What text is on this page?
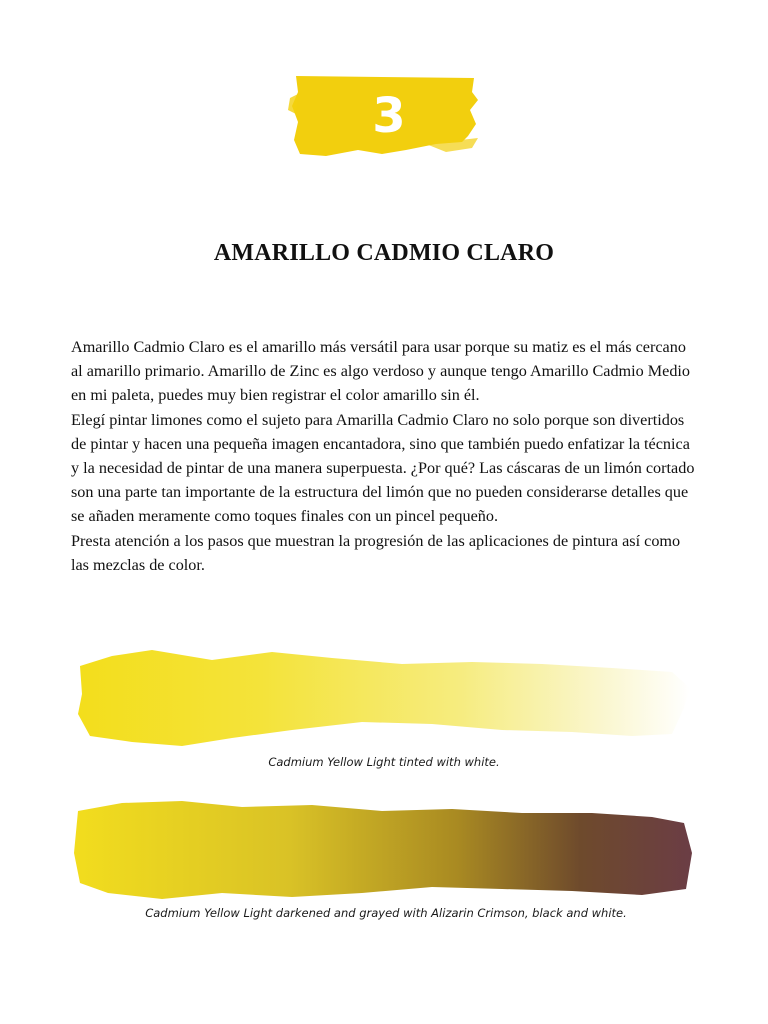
3
AMARILLO CADMIO CLARO

Amarillo Cadmio Claro es el amarillo más versátil para usar porque su matiz es el más cercano al amarillo primario. Amarillo de Zinc es algo verdoso y aunque tengo Amarillo Cadmio Medio en mi paleta, puedes muy bien registrar el color amarillo sin él.

Elegí pintar limones como el sujeto para Amarilla Cadmio Claro no solo porque son divertidos de pintar y hacen una pequeña imagen encantadora, sino que también puedo enfatizar la técnica y la necesidad de pintar de una manera superpuesta. ¿Por qué? Las cáscaras de un limón cortado son una parte tan importante de la estructura del limón que no pueden considerarse detalles que se añaden meramente como toques finales con un pincel pequeño.

Presta atención a los pasos que muestran la progresión de las aplicaciones de pintura así como las mezclas de color.

Cadmium Yellow Light tinted with white.
Cadmium Yellow Light darkened and grayed with Alizarin Crimson, black and white.
